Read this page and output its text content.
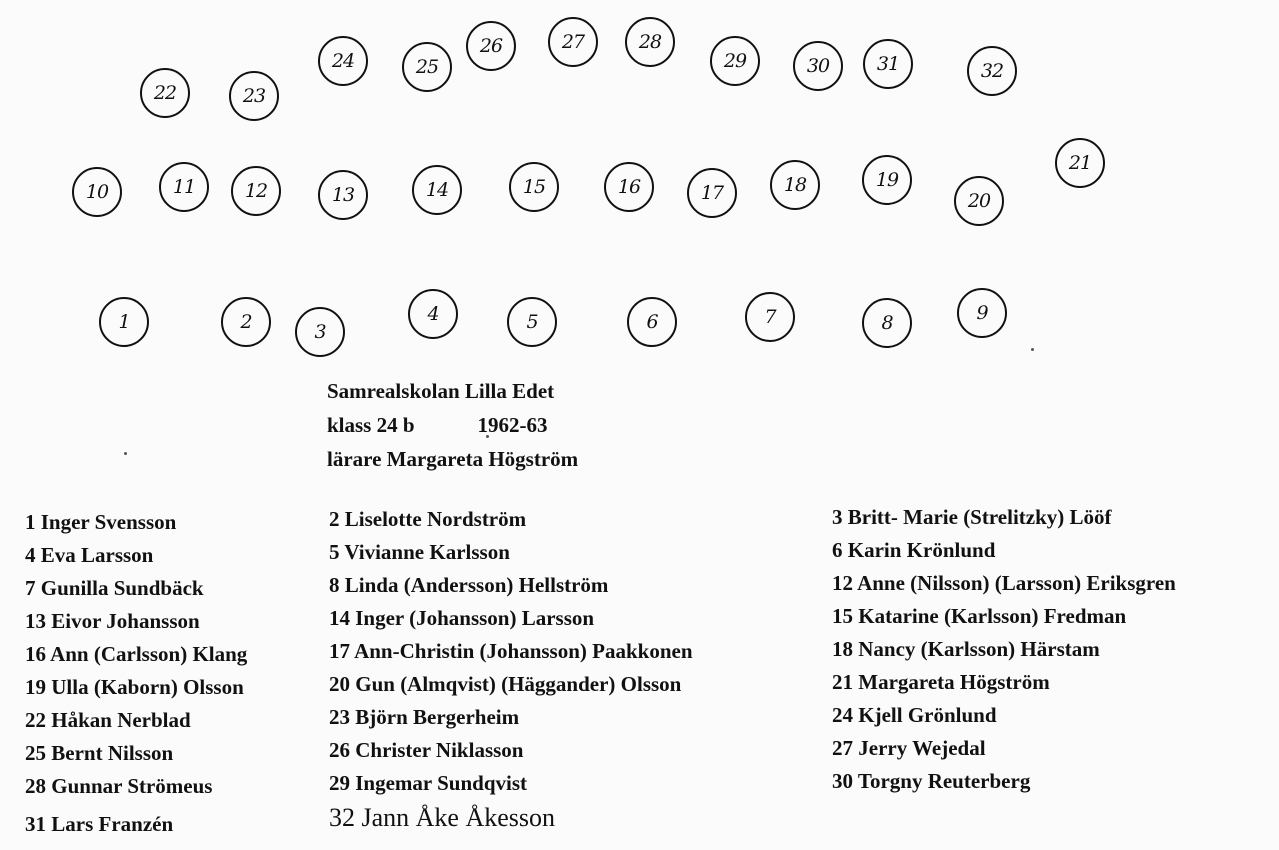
1	2	3
4	5	6	7	8	9
10	11	12	13	14	15	16	17	18	19
20
21
22	23
24	25
26	27	28
29	30	31	32
Samrealskolan Lilla Edet
klass 24 b            1962-63
lärare Margareta Högström
1 Inger Svensson
4 Eva Larsson
7 Gunilla Sundbäck
13 Eivor Johansson
16 Ann (Carlsson) Klang
19 Ulla (Kaborn) Olsson
22 Håkan Nerblad
25 Bernt Nilsson
28 Gunnar Strömeus
31 Lars Franzén
2 Liselotte Nordström
5 Vivianne Karlsson
8 Linda (Andersson) Hellström
14 Inger (Johansson) Larsson
17 Ann-Christin (Johansson) Paakkonen
20 Gun (Almqvist) (Häggander) Olsson
23 Björn Bergerheim
26 Christer Niklasson
29 Ingemar Sundqvist
32 Jann Åke Åkesson
3 Britt- Marie (Strelitzky) Lööf
6 Karin Krönlund
12 Anne (Nilsson) (Larsson) Eriksgren
15 Katarine (Karlsson) Fredman
18 Nancy (Karlsson) Härstam
21 Margareta Högström
24 Kjell Grönlund
27 Jerry Wejedal
30 Torgny Reuterberg
